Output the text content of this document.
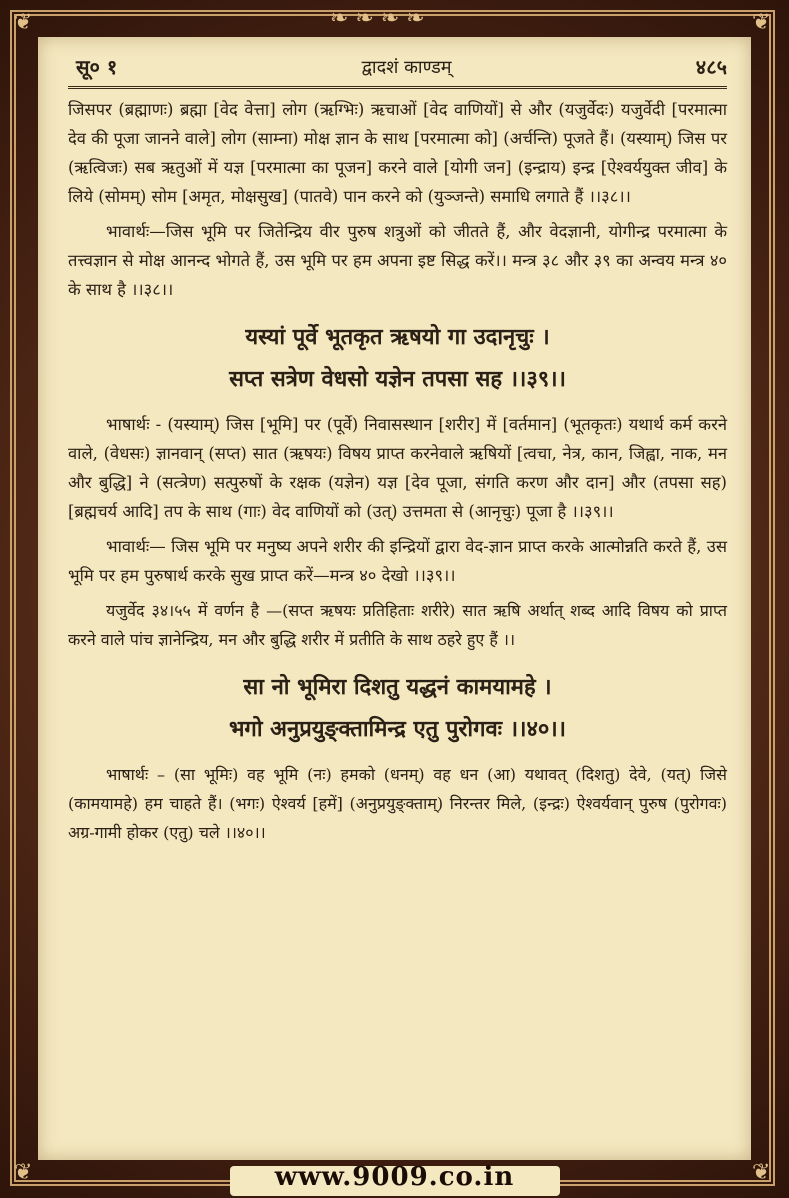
❦	❦
❦	❦
❧ ❧ ❧ ❧
सू० १	द्वादशं काण्डम्	४८५

जिसपर (ब्रह्माणः) ब्रह्मा [वेद वेत्ता] लोग (ऋग्भिः) ऋचाओं [वेद वाणियों] से और (यजुर्वेदः) यजुर्वेदी [परमात्मा देव की पूजा जानने वाले] लोग (साम्ना) मोक्ष ज्ञान के साथ [परमात्मा को] (अर्चन्ति) पूजते हैं। (यस्याम्) जिस पर (ऋत्विजः) सब ऋतुओं में यज्ञ [परमात्मा का पूजन] करने वाले [योगी जन] (इन्द्राय) इन्द्र [ऐश्वर्ययुक्त जीव] के लिये (सोमम्) सोम [अमृत, मोक्षसुख] (पातवे) पान करने को (युञ्जन्ते) समाधि लगाते हैं ।।३८।।

भावार्थः—जिस भूमि पर जितेन्द्रिय वीर पुरुष शत्रुओं को जीतते हैं, और वेदज्ञानी, योगीन्द्र परमात्मा के तत्त्वज्ञान से मोक्ष आनन्द भोगते हैं, उस भूमि पर हम अपना इष्ट सिद्ध करें।। मन्त्र ३८ और ३९ का अन्वय मन्त्र ४० के साथ है ।।३८।।

यस्यां पूर्वे भूतकृत ऋषयो गा उदानृचुः ।
सप्त सत्रेण वेधसो यज्ञेन तपसा सह ।।३९।।

भाषार्थः - (यस्याम्) जिस [भूमि] पर (पूर्वे) निवासस्थान [शरीर] में [वर्तमान] (भूतकृतः) यथार्थ कर्म करने वाले, (वेधसः) ज्ञानवान् (सप्त) सात (ऋषयः) विषय प्राप्त करनेवाले ऋषियों [त्वचा, नेत्र, कान, जिह्वा, नाक, मन और बुद्धि] ने (सत्त्रेण) सत्पुरुषों के रक्षक (यज्ञेन) यज्ञ [देव पूजा, संगति करण और दान] और (तपसा सह) [ब्रह्मचर्य आदि] तप के साथ (गाः) वेद वाणियों को (उत्) उत्तमता से (आनृचुः) पूजा है ।।३९।।

भावार्थः— जिस भूमि पर मनुष्य अपने शरीर की इन्द्रियों द्वारा वेद-ज्ञान प्राप्त करके आत्मोन्नति करते हैं, उस भूमि पर हम पुरुषार्थ करके सुख प्राप्त करें—मन्त्र ४० देखो ।।३९।।

यजुर्वेद ३४।५५ में वर्णन है —(सप्त ऋषयः प्रतिहिताः शरीरे) सात ऋषि अर्थात् शब्द आदि विषय को प्राप्त करने वाले पांच ज्ञानेन्द्रिय, मन और बुद्धि शरीर में प्रतीति के साथ ठहरे हुए हैं ।।

सा नो भूमिरा दिशतु यद्धनं कामयामहे ।
भगो अनुप्रयुङ्क्तामिन्द्र एतु पुरोगवः ।।४०।।

भाषार्थः – (सा भूमिः) वह भूमि (नः) हमको (धनम्) वह धन (आ) यथावत् (दिशतु) देवे, (यत्) जिसे (कामयामहे) हम चाहते हैं। (भगः) ऐश्वर्य [हमें] (अनुप्रयुङ्क्ताम्) निरन्तर मिले, (इन्द्रः) ऐश्वर्यवान् पुरुष (पुरोगवः) अग्र-गामी होकर (एतु) चले ।।४०।।

www.9009.co.in
